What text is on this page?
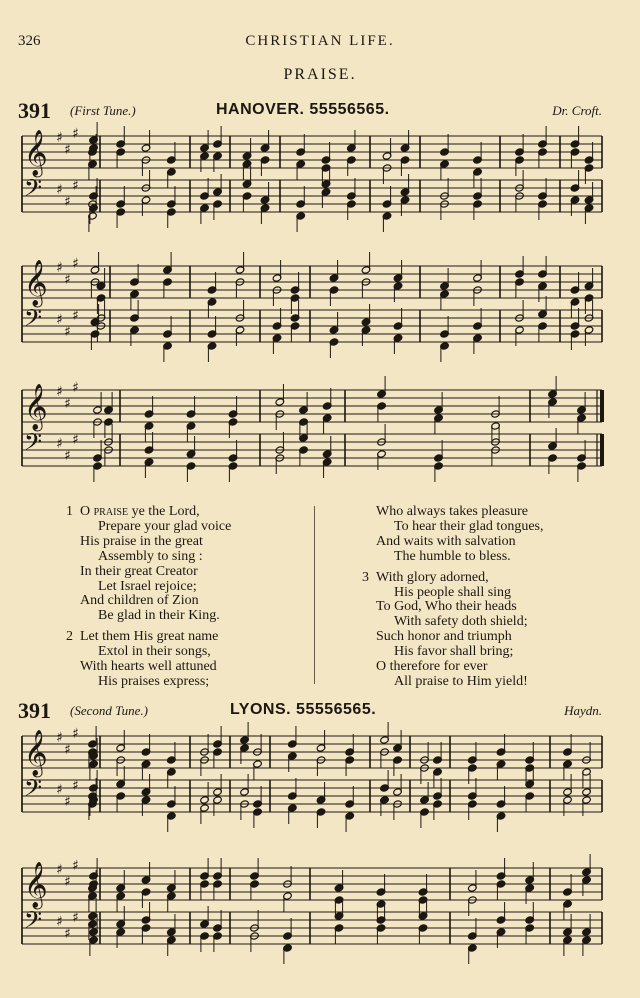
326	CHRISTIAN LIFE.
PRAISE.
391 (First Tune.)	HANOVER. 55556565.	Dr. Croft.
𝄞 ♯
♯
♯
𝄢 ♯
♯
♯
𝄞 ♯
♯
♯
𝄢 ♯
♯
♯
𝄞 ♯
♯
♯
𝄢 ♯
♯
♯
1 O praise ye the Lord,
Prepare your glad voice
His praise in the great
Assembly to sing :
In their great Creator
Let Israel rejoice;
And children of Zion
Be glad in their King.
2 Let them His great name
Extol in their songs,
With hearts well attuned
His praises express;
Who always takes pleasure
To hear their glad tongues,
And waits with salvation
The humble to bless.
3 With glory adorned,
His people shall sing
To God, Who their heads
With safety doth shield;
Such honor and triumph
His favor shall bring;
O therefore for ever
All praise to Him yield!
391 (Second Tune.)	LYONS. 55556565.	Haydn.
𝄞 ♯
♯
♯
𝄢 ♯
♯
♯
𝄞 ♯
♯
♯
𝄢 ♯
♯
♯
